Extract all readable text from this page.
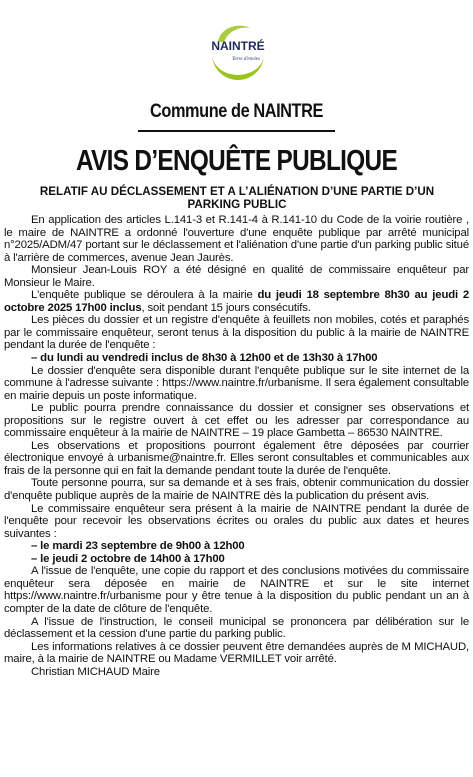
NAINTRÉ
Terre d'envies
Commune de NAINTRE
AVIS D’ENQUÊTE PUBLIQUE
RELATIF AU DÉCLASSEMENT ET A L’ALIÉNATION D’UNE PARTIE D’UN PARKING PUBLIC

En application des articles L.141-3 et R.141-4 à R.141-10 du Code de la voirie routière , le maire de NAINTRE a ordonné l'ouverture d'une enquête publique par arrêté municipal n°2025/ADM/47 portant sur le déclassement et l'aliénation d'une partie d'un parking public situé à l'arrière de commerces, avenue Jean Jaurès.

Monsieur Jean-Louis ROY a été désigné en qualité de commissaire enquêteur par Monsieur le Maire.

L'enquête publique se déroulera à la mairie du jeudi 18 septembre 8h30 au jeudi 2 octobre 2025 17h00 inclus, soit pendant 15 jours consécutifs.

Les pièces du dossier et un registre d'enquête à feuillets non mobiles, cotés et paraphés par le commissaire enquêteur, seront tenus à la disposition du public à la mairie de NAINTRE pendant la durée de l'enquête :

– du lundi au vendredi inclus de 8h30 à 12h00 et de 13h30 à 17h00

Le dossier d'enquête sera disponible durant l'enquête publique sur le site internet de la commune à l'adresse suivante : https://www.naintre.fr/urbanisme. Il sera également consultable en mairie depuis un poste informatique.

Le public pourra prendre connaissance du dossier et consigner ses observations et propositions sur le registre ouvert à cet effet ou les adresser par correspondance au commissaire enquêteur à la mairie de NAINTRE – 19 place Gambetta – 86530 NAINTRE.

Les observations et propositions pourront également être déposées par courrier électronique envoyé à urbanisme@naintre.fr. Elles seront consultables et communicables aux frais de la personne qui en fait la demande pendant toute la durée de l'enquête.

Toute personne pourra, sur sa demande et à ses frais, obtenir communication du dossier d'enquête publique auprès de la mairie de NAINTRE dès la publication du présent avis.

Le commissaire enquêteur sera présent à la mairie de NAINTRE pendant la durée de l'enquête pour recevoir les observations écrites ou orales du public aux dates et heures suivantes :

– le mardi 23 septembre de 9h00 à 12h00

– le jeudi 2 octobre de 14h00 à 17h00

A l'issue de l'enquête, une copie du rapport et des conclusions motivées du commissaire enquêteur sera déposée en mairie de NAINTRE et sur le site internet https://www.naintre.fr/urbanisme pour y être tenue à la disposition du public pendant un an à compter de la date de clôture de l'enquête.

A l'issue de l'instruction, le conseil municipal se prononcera par délibération sur le déclassement et la cession d'une partie du parking public.

Les informations relatives à ce dossier peuvent être demandées auprès de M MICHAUD, maire, à la mairie de NAINTRE ou Madame VERMILLET voir arrêté.

Christian MICHAUD Maire
